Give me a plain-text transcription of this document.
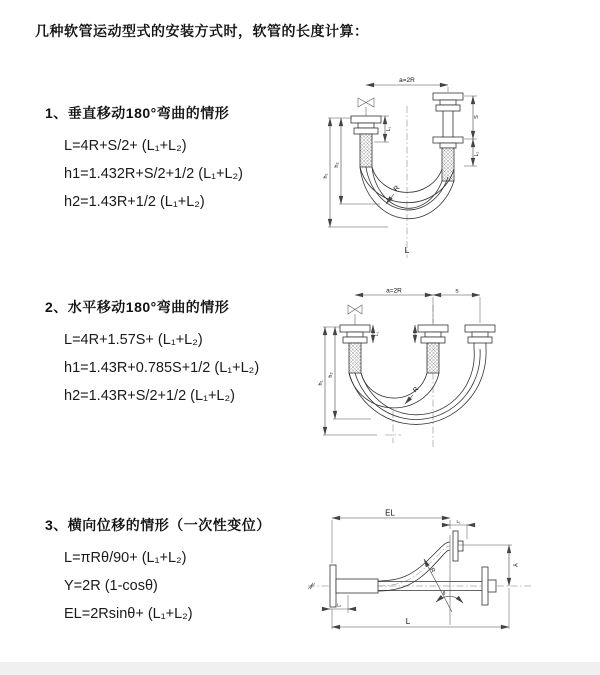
几种软管运动型式的安装方式时，软管的长度计算：
1、垂直移动180°弯曲的情形
L=4R+S/2+ (L₁+L₂)
h1=1.432R+S/2+1/2 (L₁+L₂)
h2=1.43R+1/2 (L₁+L₂)
2、水平移动180°弯曲的情形
L=4R+1.57S+ (L₁+L₂)
h1=1.43R+0.785S+1/2 (L₁+L₂)
h2=1.43R+S/2+1/2 (L₁+L₂)
3、横向位移的情形（一次性变位）
L=πRθ/90+ (L₁+L₂)
Y=2R (1-cosθ)
EL=2Rsinθ+ (L₁+L₂)
a=2R
h₁
h₂
L₁
S
L₂
R
L
a=2R	s
h₁
h₂
L₁
R
EL
L₁
Y
L
L₂
R
θ
